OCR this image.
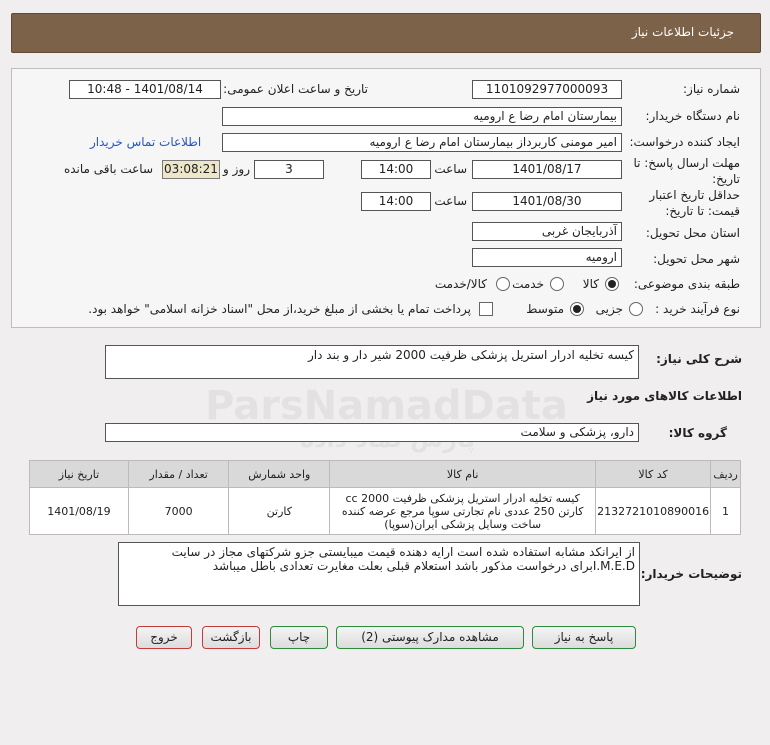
جزئیات اطلاعات نیاز
ParsNamadData
شماره نیاز:
1101092977000093
تاریخ و ساعت اعلان عمومی:
1401/08/14 - 10:48
نام دستگاه خریدار:
بیمارستان امام رضا ع ارومیه
ایجاد کننده درخواست:
امیر مومنی کاربرداز بیمارستان امام رضا ع ارومیه
اطلاعات تماس خریدار
مهلت ارسال پاسخ: تا تاریخ:
1401/08/17
ساعت
14:00
روز و	3
03:08:21
ساعت باقی مانده
حداقل تاریخ اعتبار قیمت: تا تاریخ:
1401/08/30
ساعت
14:00
استان محل تحویل:
آذربایجان غربی
شهر محل تحویل:
ارومیه
طبقه بندی موضوعی:
کالا
خدمت
کالا/خدمت
نوع فرآیند خرید :
جزیی
متوسط
پرداخت تمام یا بخشی از مبلغ خرید،از محل "اسناد خزانه اسلامی" خواهد بود.
شرح کلی نیاز:
کیسه تخلیه ادرار استریل پزشکی ظرفیت 2000 شیر دار و بند دار
اطلاعات کالاهای مورد نیاز
گروه کالا:
دارو، پزشکی و سلامت
ردیف	کد کالا	نام کالا	واحد شمارش	تعداد / مقدار	تاریخ نیاز
1	2132721010890016	کیسه تخلیه ادرار استریل پزشکی ظرفیت 2000 cc کارتن 250 عددی نام تجارتی سوپا مرجع عرضه کننده ساخت وسایل پزشکی ایران(سوپا)	کارتن	7000	1401/08/19
توضیحات خریدار:
از ایرانکد مشابه استفاده شده است ارایه دهنده قیمت میبایستی جزو شرکتهای مجاز در سایت I.M.E.Dبرای درخواست مذکور باشد استعلام قبلی بعلت مغایرت تعدادی باطل میباشد
پاسخ به نیاز
مشاهده مدارک پیوستی (2)
چاپ
بازگشت
خروج
